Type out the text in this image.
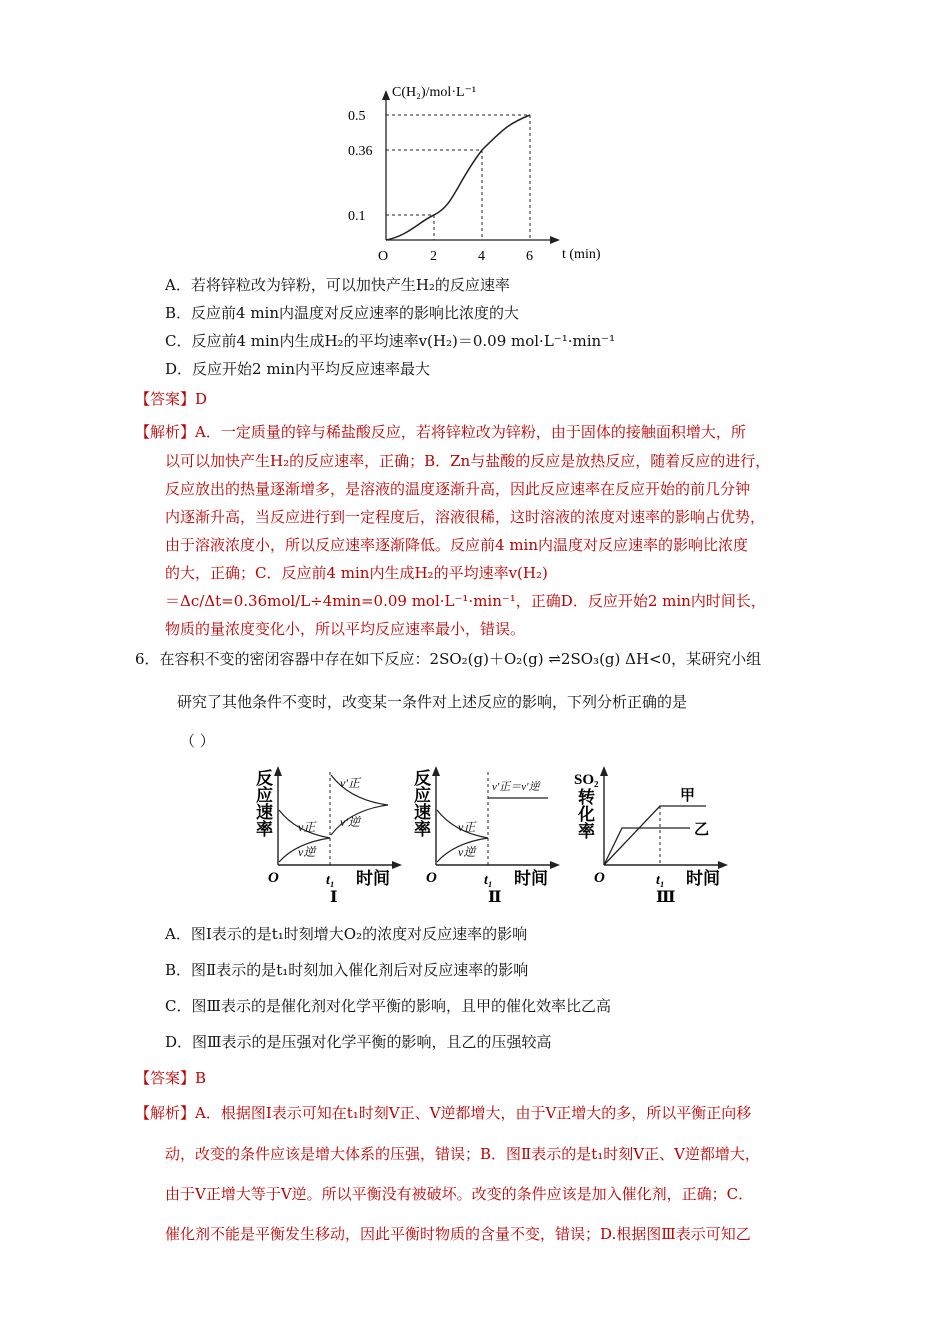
C(H₂)/mol·L⁻¹
t (min)
O
0.1
2
0.36
4
0.5
6
A．若将锌粒改为锌粉，可以加快产生H₂的反应速率
B．反应前4 min内温度对反应速率的影响比浓度的大
C．反应前4 min内生成H₂的平均速率v(H₂)＝0.09 mol·L⁻¹·min⁻¹
D．反应开始2 min内平均反应速率最大
【答案】D
【解析】A．一定质量的锌与稀盐酸反应，若将锌粒改为锌粉，由于固体的接触面积增大，所
以可以加快产生H₂的反应速率，正确；B．Zn与盐酸的反应是放热反应，随着反应的进行，
反应放出的热量逐渐增多，是溶液的温度逐渐升高，因此反应速率在反应开始的前几分钟
内逐渐升高，当反应进行到一定程度后，溶液很稀，这时溶液的浓度对速率的影响占优势，
由于溶液浓度小，所以反应速率逐渐降低。反应前4 min内温度对反应速率的影响比浓度
的大，正确；C．反应前4 min内生成H₂的平均速率v(H₂)
＝Δc/Δt=0.36mol/L÷4min=0.09 mol·L⁻¹·min⁻¹，正确D．反应开始2 min内时间长，
物质的量浓度变化小，所以平均反应速率最小，错误。
6．在容积不变的密闭容器中存在如下反应：2SO₂(g)＋O₂(g) ⇌2SO₃(g) ΔH<0，某研究小组
研究了其他条件不变时，改变某一条件对上述反应的影响，下列分析正确的是
（ ）
反
应
速
率
O	t₁ 时间
Ⅰ
v正
v逆
v′正
v′逆
反
应
速
率
O	t₁ 时间
Ⅱ
v正
v逆
v′正＝v′逆 SO₂
转
化
率
O	t₁ 时间
Ⅲ
甲
乙
A．图Ⅰ表示的是t₁时刻增大O₂的浓度对反应速率的影响
B．图Ⅱ表示的是t₁时刻加入催化剂后对反应速率的影响
C．图Ⅲ表示的是催化剂对化学平衡的影响，且甲的催化效率比乙高
D．图Ⅲ表示的是压强对化学平衡的影响，且乙的压强较高
【答案】B
【解析】A．根据图Ⅰ表示可知在t₁时刻V正、V逆都增大，由于V正增大的多，所以平衡正向移
动，改变的条件应该是增大体系的压强，错误；B．图Ⅱ表示的是t₁时刻V正、V逆都增大，
由于V正增大等于V逆。所以平衡没有被破坏。改变的条件应该是加入催化剂，正确；C．
催化剂不能是平衡发生移动，因此平衡时物质的含量不变，错误；D.根据图Ⅲ表示可知乙
